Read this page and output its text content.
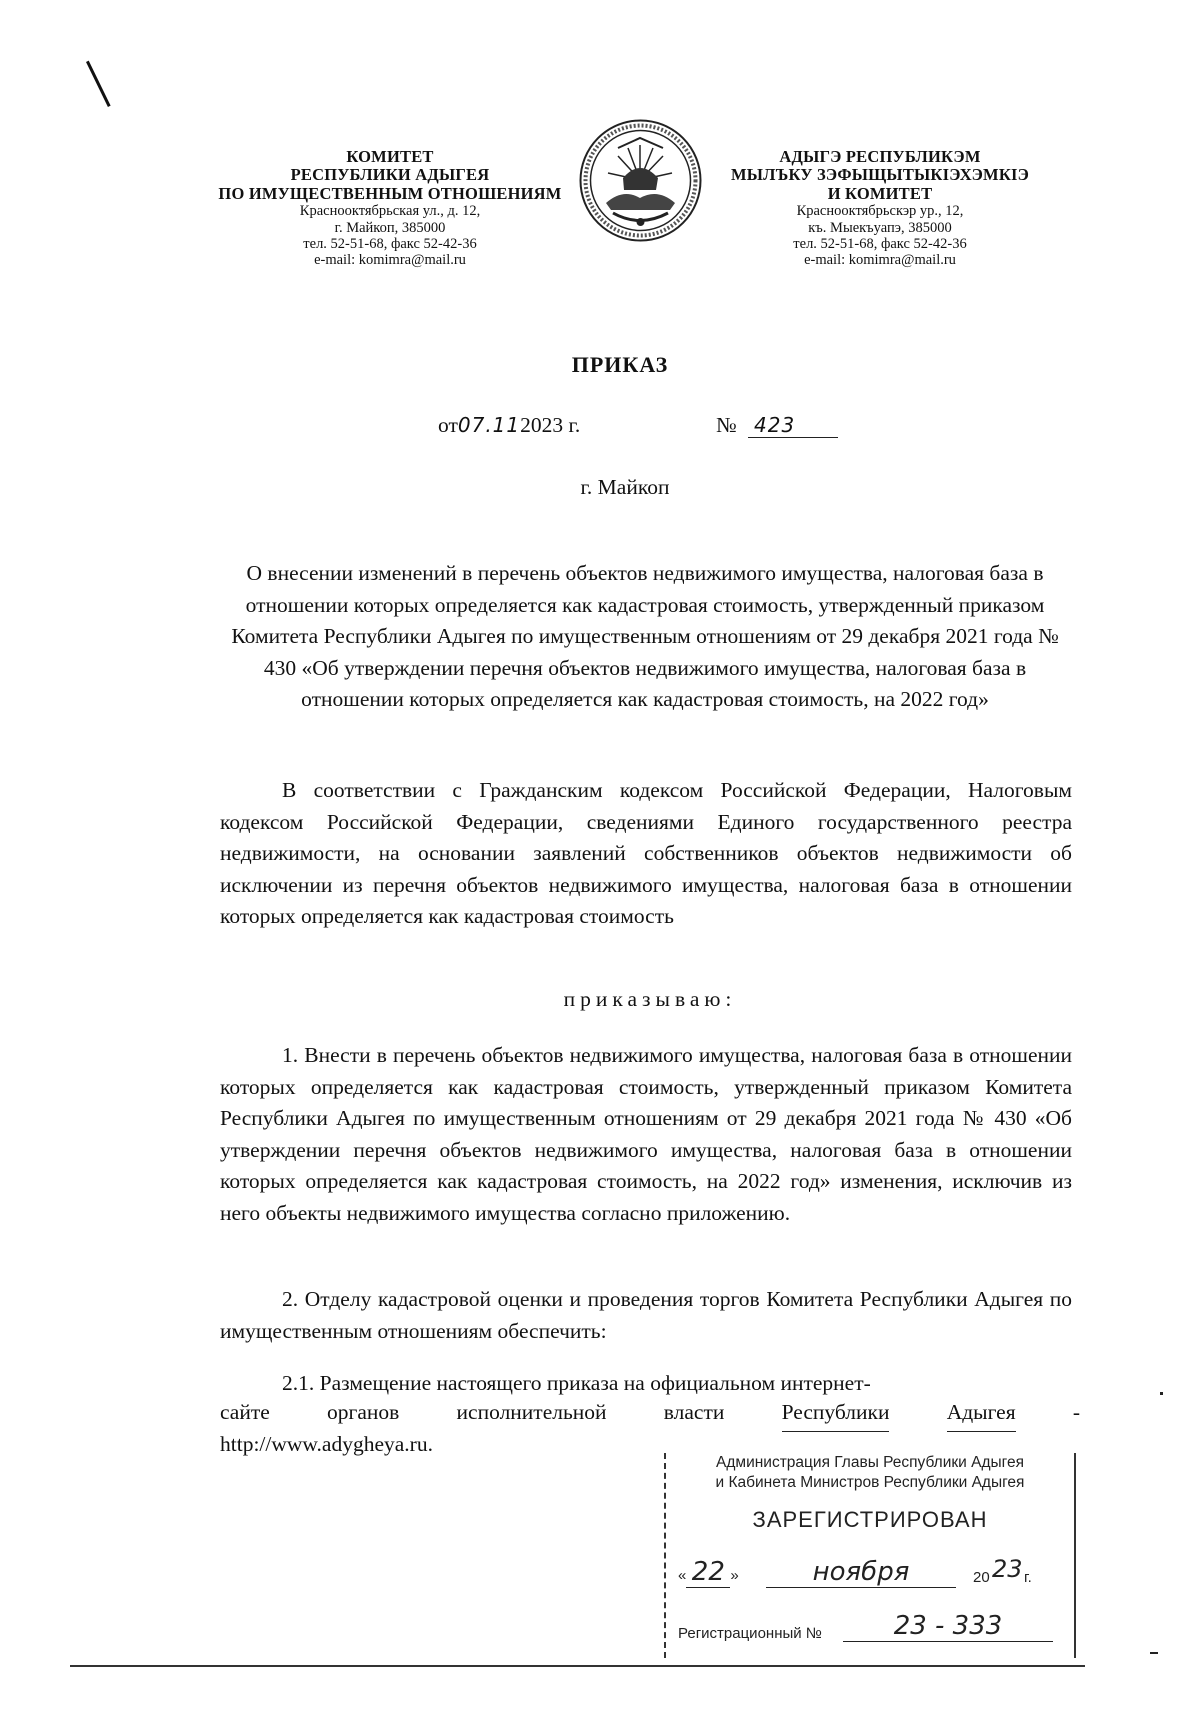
КОМИТЕТ
РЕСПУБЛИКИ АДЫГЕЯ
ПО ИМУЩЕСТВЕННЫМ ОТНОШЕНИЯМ
Краснооктябрьская ул., д. 12,
г. Майкоп, 385000
тел. 52-51-68, факс 52-42-36
e-mail: komimra@mail.ru
АДЫГЭ РЕСПУБЛИКЭМ
МЫЛЪКУ ЗЭФЫЩЫТЫКІЭХЭМКІЭ
И КОМИТЕТ
Краснооктябрьскэр ур., 12,
къ. Мыекъуапэ, 385000
тел. 52-51-68, факс 52-42-36
e-mail: komimra@mail.ru
ПРИКАЗ
от07.112023 г.	№ 423
г. Майкоп
О внесении изменений в перечень объектов недвижимого имущества, налоговая база в отношении которых определяется как кадастровая стоимость, утвержденный приказом Комитета Республики Адыгея по имущественным отношениям от 29 декабря 2021 года № 430 «Об утверждении перечня объектов недвижимого имущества, налоговая база в отношении которых определяется как кадастровая стоимость, на 2022 год»
В соответствии с Гражданским кодексом Российской Федерации, Налоговым кодексом Российской Федерации, сведениями Единого государственного реестра недвижимости, на основании заявлений собственников объектов недвижимости об исключении из перечня объектов недвижимого имущества, налоговая база в отношении которых определяется как кадастровая стоимость
приказываю:
1. Внести в перечень объектов недвижимого имущества, налоговая база в отношении которых определяется как кадастровая стоимость, утвержденный приказом Комитета Республики Адыгея по имущественным отношениям от 29 декабря 2021 года № 430 «Об утверждении перечня объектов недвижимого имущества, налоговая база в отношении которых определяется как кадастровая стоимость, на 2022 год» изменения, исключив из него объекты недвижимого имущества согласно приложению.
2. Отделу кадастровой оценки и проведения торгов Комитета Республики Адыгея по имущественным отношениям обеспечить:
2.1. Размещение настоящего приказа на официальном интернет-
сайте	органов	исполнительной	власти	Республики	Адыгея	-
http://www.adygheya.ru.
Администрация Главы Республики Адыгея
и Кабинета Министров Республики Адыгея
ЗАРЕГИСТРИРОВАН
« 22 »	ноября	20 23 г.
Регистрационный №	23 - 333
